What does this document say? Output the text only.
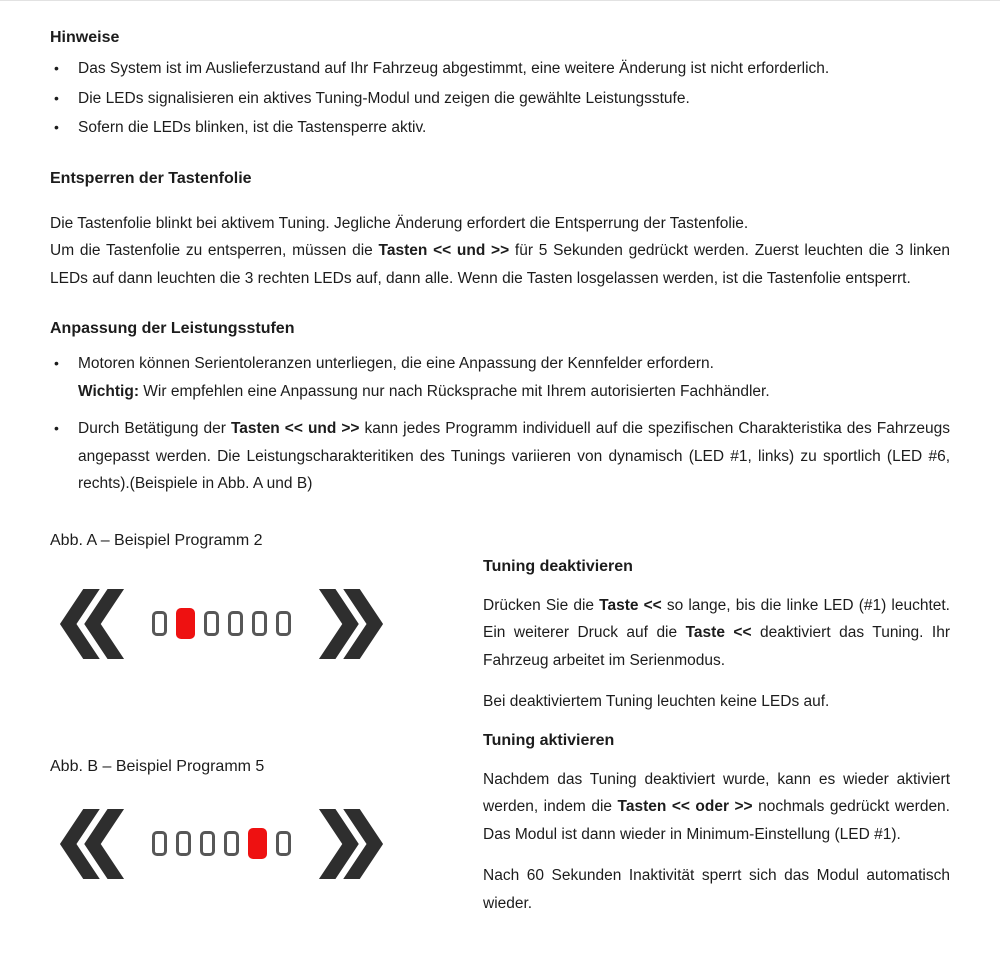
Hinweise
•	Das System ist im Auslieferzustand auf Ihr Fahrzeug abgestimmt, eine weitere Änderung ist nicht erforderlich.
•	Die LEDs signalisieren ein aktives Tuning-Modul und zeigen die gewählte Leistungsstufe.
•	Sofern die LEDs blinken, ist die Tastensperre aktiv.
Entsperren der Tastenfolie
Die Tastenfolie blinkt bei aktivem Tuning. Jegliche Änderung erfordert die Entsperrung der Tastenfolie.
Um die Tastenfolie zu entsperren, müssen die Tasten << und >> für 5 Sekunden gedrückt werden. Zuerst leuchten die 3 linken LEDs auf dann leuchten die 3 rechten LEDs auf, dann alle. Wenn die Tasten losgelassen werden, ist die Tastenfolie entsperrt.
Anpassung der Leistungsstufen
•	Motoren können Serientoleranzen unterliegen, die eine Anpassung der Kennfelder erfordern.
Wichtig: Wir empfehlen eine Anpassung nur nach Rücksprache mit Ihrem autorisierten Fachhändler.
•	Durch Betätigung der Tasten << und >> kann jedes Programm individuell auf die spezifischen Charakteristika des Fahrzeugs angepasst werden. Die Leistungscharakteritiken des Tunings variieren von dynamisch (LED #1, links) zu sportlich (LED #6, rechts).(Beispiele in Abb. A und B)
Abb. A – Beispiel Programm 2
Abb. B – Beispiel Programm 5
Tuning deaktivieren

Drücken Sie die Taste << so lange, bis die linke LED (#1) leuchtet. Ein weiterer Druck auf die Taste << deaktiviert das Tuning. Ihr Fahrzeug arbeitet im Serienmodus.

Bei deaktiviertem Tuning leuchten keine LEDs auf.

Tuning aktivieren

Nachdem das Tuning deaktiviert wurde, kann es wieder aktiviert werden, indem die Tasten << oder >> nochmals gedrückt werden. Das Modul ist dann wieder in Minimum-Einstellung (LED #1).

Nach 60 Sekunden Inaktivität sperrt sich das Modul automatisch wieder.
